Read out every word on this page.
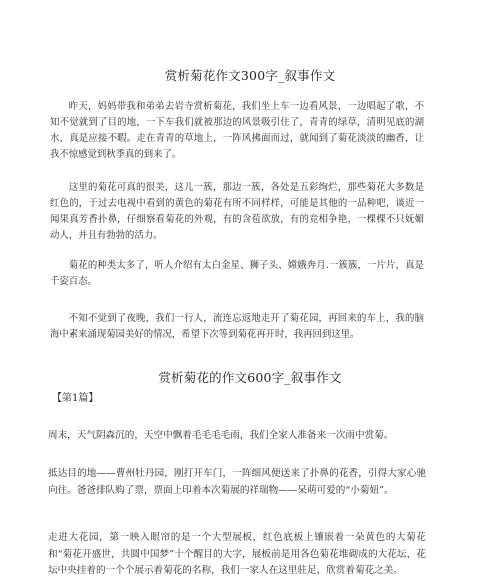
赏析菊花作文300字_叙事作文
昨天，妈妈带我和弟弟去岩寺赏析菊花，我们坐上车一边看风景，一边唱起了歌，不知不觉就到了目的地，一下车我们就被那边的风景吸引住了，青青的绿草，清明见底的湖水，真是应接不暇。走在青青的草地上，一阵风拂面而过，就闻到了菊花淡淡的幽香，让我不惊感觉到秋季真的到来了。
这里的菊花可真的很美，这儿一簇，那边一簇，各处是五彩绚烂，那些菊花大多数是红色的，于过去电视中看到的黄色的菊花有所不同样样，可能是其他的一品种吧，谈近一闻果真芳香扑鼻，仔细察看菊花的外观，有的含苞欲放，有的竞相争艳，一棵棵不只妩媚动人，并且有勃勃的活力。
菊花的种类太多了，听人介绍有太白金星、狮子头、嫦娥奔月.一簇簇，一片片，真是千姿百态。
不知不觉到了夜晚，我们一行人，流连忘返地走开了菊花园，再回来的车上，我的脑海中素来涌现菊园美好的情况，希望下次等到菊花再开时，我再回到这里。
赏析菊花的作文600字_叙事作文
【第1篇】
周末，天气阴森沉的，天空中飘着毛毛毛毛雨，我们全家人准备来一次雨中赏菊。
抵达目的地——曹州牡丹园，刚打开车门，一阵细风便送来了扑鼻的花香，引得大家心驰向往。爸爸排队购了票，票面上印着本次菊展的祥瑞物——呆萌可爱的“小菊妞”。
走进大花园，第一映入眼帘的是一个大型展板，红色底板上镶嵌着一朵黄色的大菊花和“菊花开盛世，共圆中国梦”十个醒目的大字，展板前是用各色菊花堆砌成的大花坛，花坛中央挂着的一个个展示着菊花的名称，我们一家人在这里驻足，欣赏着菊花之美。
